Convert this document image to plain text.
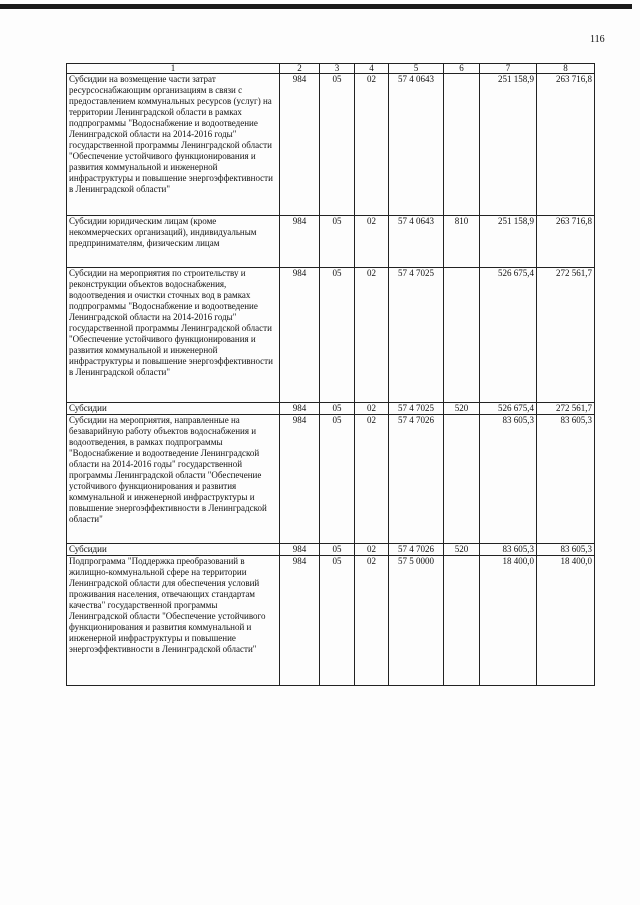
116
1	2	3	4	5	6	7	8
Субсидии на возмещение части затрат ресурсоснабжающим организациям в связи с предоставлением коммунальных ресурсов (услуг) на территории Ленинградской области в рамках подпрограммы "Водоснабжение и водоотведение Ленинградской области на 2014-2016 годы" государственной программы Ленинградской области "Обеспечение устойчивого функционирования и развития коммунальной и инженерной инфраструктуры и повышение энергоэффективности в Ленинградской области"	984	05	02	57 4 0643		251 158,9	263 716,8
Субсидии юридическим лицам (кроме некоммерческих организаций), индивидуальным предпринимателям, физическим лицам	984	05	02	57 4 0643	810	251 158,9	263 716,8
Субсидии на мероприятия по строительству и реконструкции объектов водоснабжения, водоотведения и очистки сточных вод в рамках подпрограммы "Водоснабжение и водоотведение Ленинградской области на 2014-2016 годы" государственной программы Ленинградской области "Обеспечение устойчивого функционирования и развития коммунальной и инженерной инфраструктуры и повышение энергоэффективности в Ленинградской области"	984	05	02	57 4 7025		526 675,4	272 561,7
Субсидии	984	05	02	57 4 7025	520	526 675,4	272 561,7
Субсидии на мероприятия, направленные на безаварийную работу объектов водоснабжения и водоотведения, в рамках подпрограммы "Водоснабжение и водоотведение Ленинградской области на 2014-2016 годы" государственной программы Ленинградской области "Обеспечение устойчивого функционирования и развития коммунальной и инженерной инфраструктуры и повышение энергоэффективности в Ленинградской области"	984	05	02	57 4 7026		83 605,3	83 605,3
Субсидии	984	05	02	57 4 7026	520	83 605,3	83 605,3
Подпрограмма "Поддержка преобразований в жилищно-коммунальной сфере на территории Ленинградской области для обеспечения условий проживания населения, отвечающих стандартам качества" государственной программы Ленинградской области "Обеспечение устойчивого функционирования и развития коммунальной и инженерной инфраструктуры и повышение энергоэффективности в Ленинградской области"	984	05	02	57 5 0000		18 400,0	18 400,0
